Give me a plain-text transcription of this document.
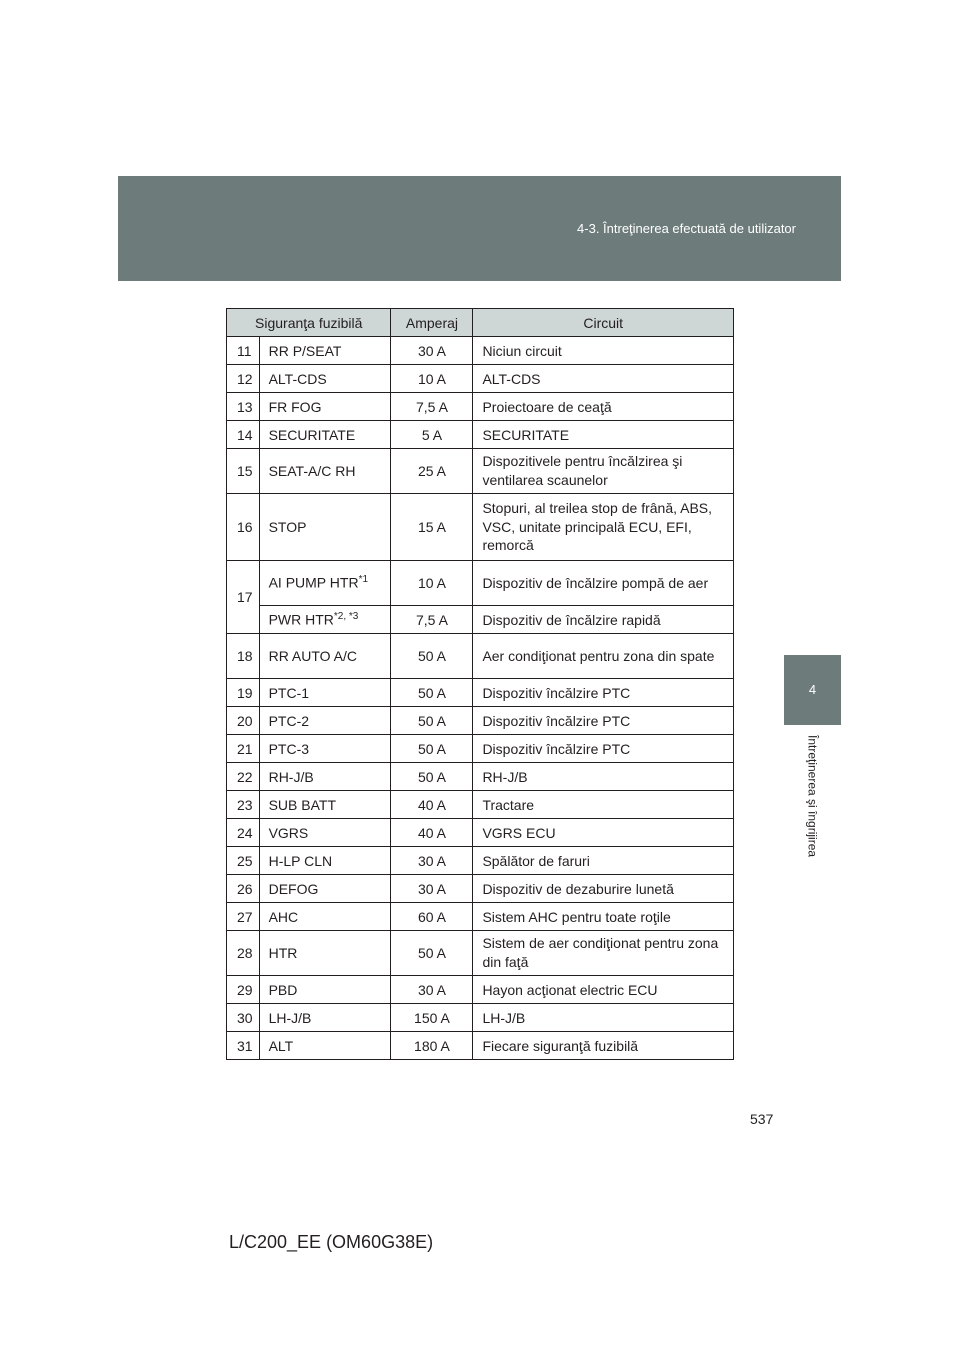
4-3. Întreţinerea efectuată de utilizator
4
Întreţinerea şi îngrijirea
Siguranţa fuzibilă		Amperaj	Circuit
11	RR P/SEAT	30 A	Niciun circuit
12	ALT-CDS	10 A	ALT-CDS
13	FR FOG	7,5 A	Proiectoare de ceaţă
14	SECURITATE	5 A	SECURITATE
15	SEAT-A/C RH	25 A	Dispozitivele pentru încălzirea şi ventilarea scaunelor
16	STOP	15 A	Stopuri, al treilea stop de frână, ABS, VSC, unitate principală ECU, EFI, remorcă
17	AI PUMP HTR$^{*1}$	10 A	Dispozitiv de încălzire pompă de aer
	PWR $HTR^{*2, *3}$	7,5 A	Dispozitiv de încălzire rapidă
18	RR AUTO A/C	50 A	Aer condiţionat pentru zona din spate
19	PTC-1	50 A	Dispozitiv încălzire PTC
20	PTC-2	50 A	Dispozitiv încălzire PTC
21	PTC-3	50 A	Dispozitiv încălzire PTC
22	RH-J/B	50 A	RH-J/B
23	SUB BATT	40 A	Tractare
24	VGRS	40 A	VGRS ECU
25	H-LP CLN	30 A	Spălător de faruri
26	DEFOG	30 A	Dispozitiv de dezaburire lunetă
27	AHC	60 A	Sistem AHC pentru toate roţile
28	HTR	50 A	Sistem de aer condiţionat pentru zona din faţă
29	PBD	30 A	Hayon acţionat electric ECU
30	LH-J/B	150 A	LH-J/B
31	ALT	180 A	Fiecare siguranţă fuzibilă
537
L/C200_EE (OM60G38E)
